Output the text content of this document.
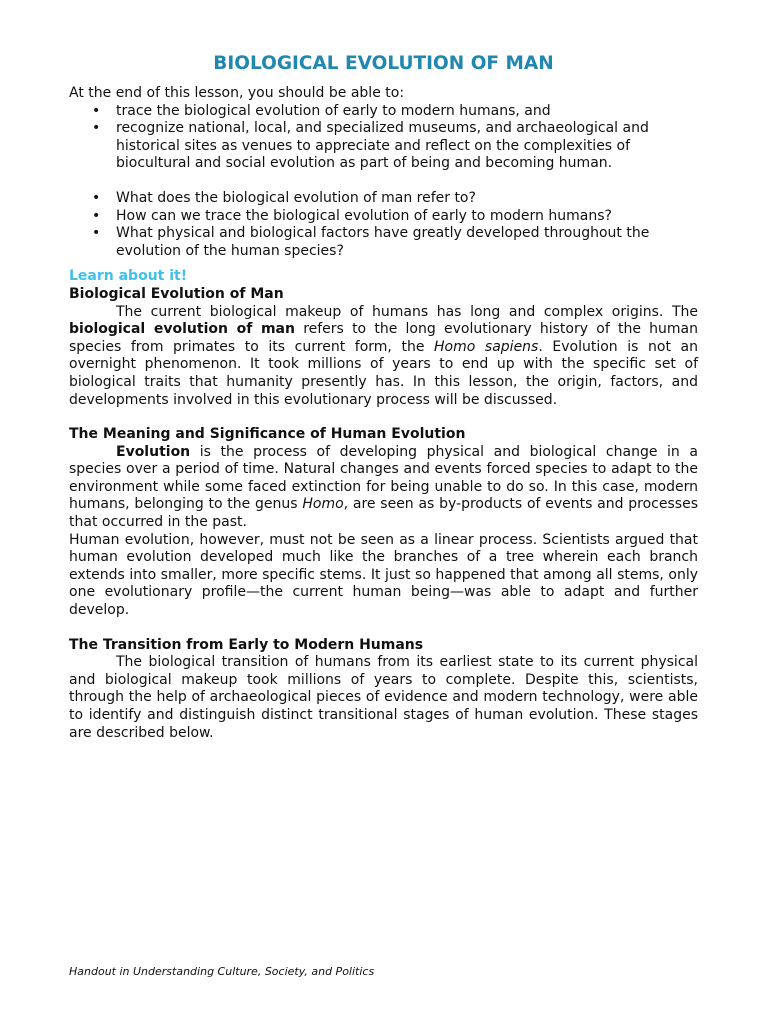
BIOLOGICAL EVOLUTION OF MAN

At the end of this lesson, you should be able to:

• trace the biological evolution of early to modern humans, and
• recognize national, local, and specialized museums, and archaeological and historical sites as venues to appreciate and reflect on the complexities of biocultural and social evolution as part of being and becoming human.
• What does the biological evolution of man refer to?
• How can we trace the biological evolution of early to modern humans?
• What physical and biological factors have greatly developed throughout the evolution of the human species?

Learn about it!

Biological Evolution of Man

The current biological makeup of humans has long and complex origins. The biological evolution of man refers to the long evolutionary history of the human species from primates to its current form, the Homo sapiens. Evolution is not an overnight phenomenon. It took millions of years to end up with the specific set of biological traits that humanity presently has. In this lesson, the origin, factors, and developments involved in this evolutionary process will be discussed.

The Meaning and Significance of Human Evolution

Evolution is the process of developing physical and biological change in a species over a period of time. Natural changes and events forced species to adapt to the environment while some faced extinction for being unable to do so. In this case, modern humans, belonging to the genus Homo, are seen as by-products of events and processes that occurred in the past.

Human evolution, however, must not be seen as a linear process. Scientists argued that human evolution developed much like the branches of a tree wherein each branch extends into smaller, more specific stems. It just so happened that among all stems, only one evolutionary profile—the current human being—was able to adapt and further develop.

The Transition from Early to Modern Humans

The biological transition of humans from its earliest state to its current physical and biological makeup took millions of years to complete. Despite this, scientists, through the help of archaeological pieces of evidence and modern technology, were able to identify and distinguish distinct transitional stages of human evolution. These stages are described below.

Handout in Understanding Culture, Society, and Politics
